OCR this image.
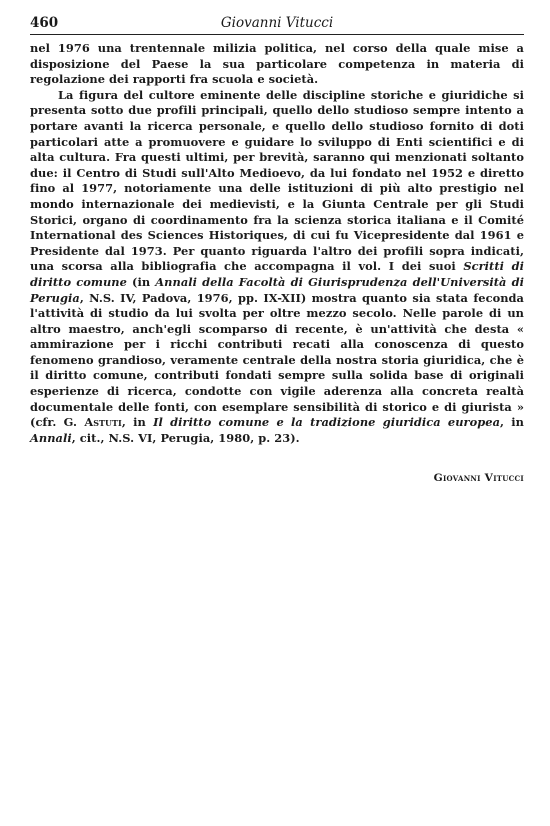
460	Giovanni Vitucci

nel 1976 una trentennale milizia politica, nel corso della quale mise a disposizione del Paese la sua particolare competenza in materia di regolazione dei rapporti fra scuola e società.

La figura del cultore eminente delle discipline storiche e giuridiche si presenta sotto due profili principali, quello dello studioso sempre intento a portare avanti la ricerca personale, e quello dello studioso fornito di doti particolari atte a promuovere e guidare lo sviluppo di Enti scientifici e di alta cultura. Fra questi ultimi, per brevità, saranno qui menzionati soltanto due: il Centro di Studi sull'Alto Medioevo, da lui fondato nel 1952 e diretto fino al 1977, notoriamente una delle istituzioni di più alto prestigio nel mondo internazionale dei medievisti, e la Giunta Centrale per gli Studi Storici, organo di coordinamento fra la scienza storica italiana e il Comité International des Sciences Historiques, di cui fu Vicepresidente dal 1961 e Presidente dal 1973. Per quanto riguarda l'altro dei profili sopra indicati, una scorsa alla bibliografia che accompagna il vol. I dei suoi Scritti di diritto comune (in Annali della Facoltà di Giurisprudenza dell'Università di Perugia, N.S. IV, Padova, 1976, pp. IX-XII) mostra quanto sia stata feconda l'attività di studio da lui svolta per oltre mezzo secolo. Nelle parole di un altro maestro, anch'egli scomparso di recente, è un'attività che desta « ammirazione per i ricchi contributi recati alla conoscenza di questo fenomeno grandioso, veramente centrale della nostra storia giuridica, che è il diritto comune, contributi fondati sempre sulla solida base di originali esperienze di ricerca, condotte con vigile aderenza alla concreta realtà documentale delle fonti, con esemplare sensibilità di storico e di giurista » (cfr. G. Astuti, in Il diritto comune e la tradizione giuridica europea, in Annali, cit., N.S. VI, Perugia, 1980, p. 23).

Giovanni Vitucci
